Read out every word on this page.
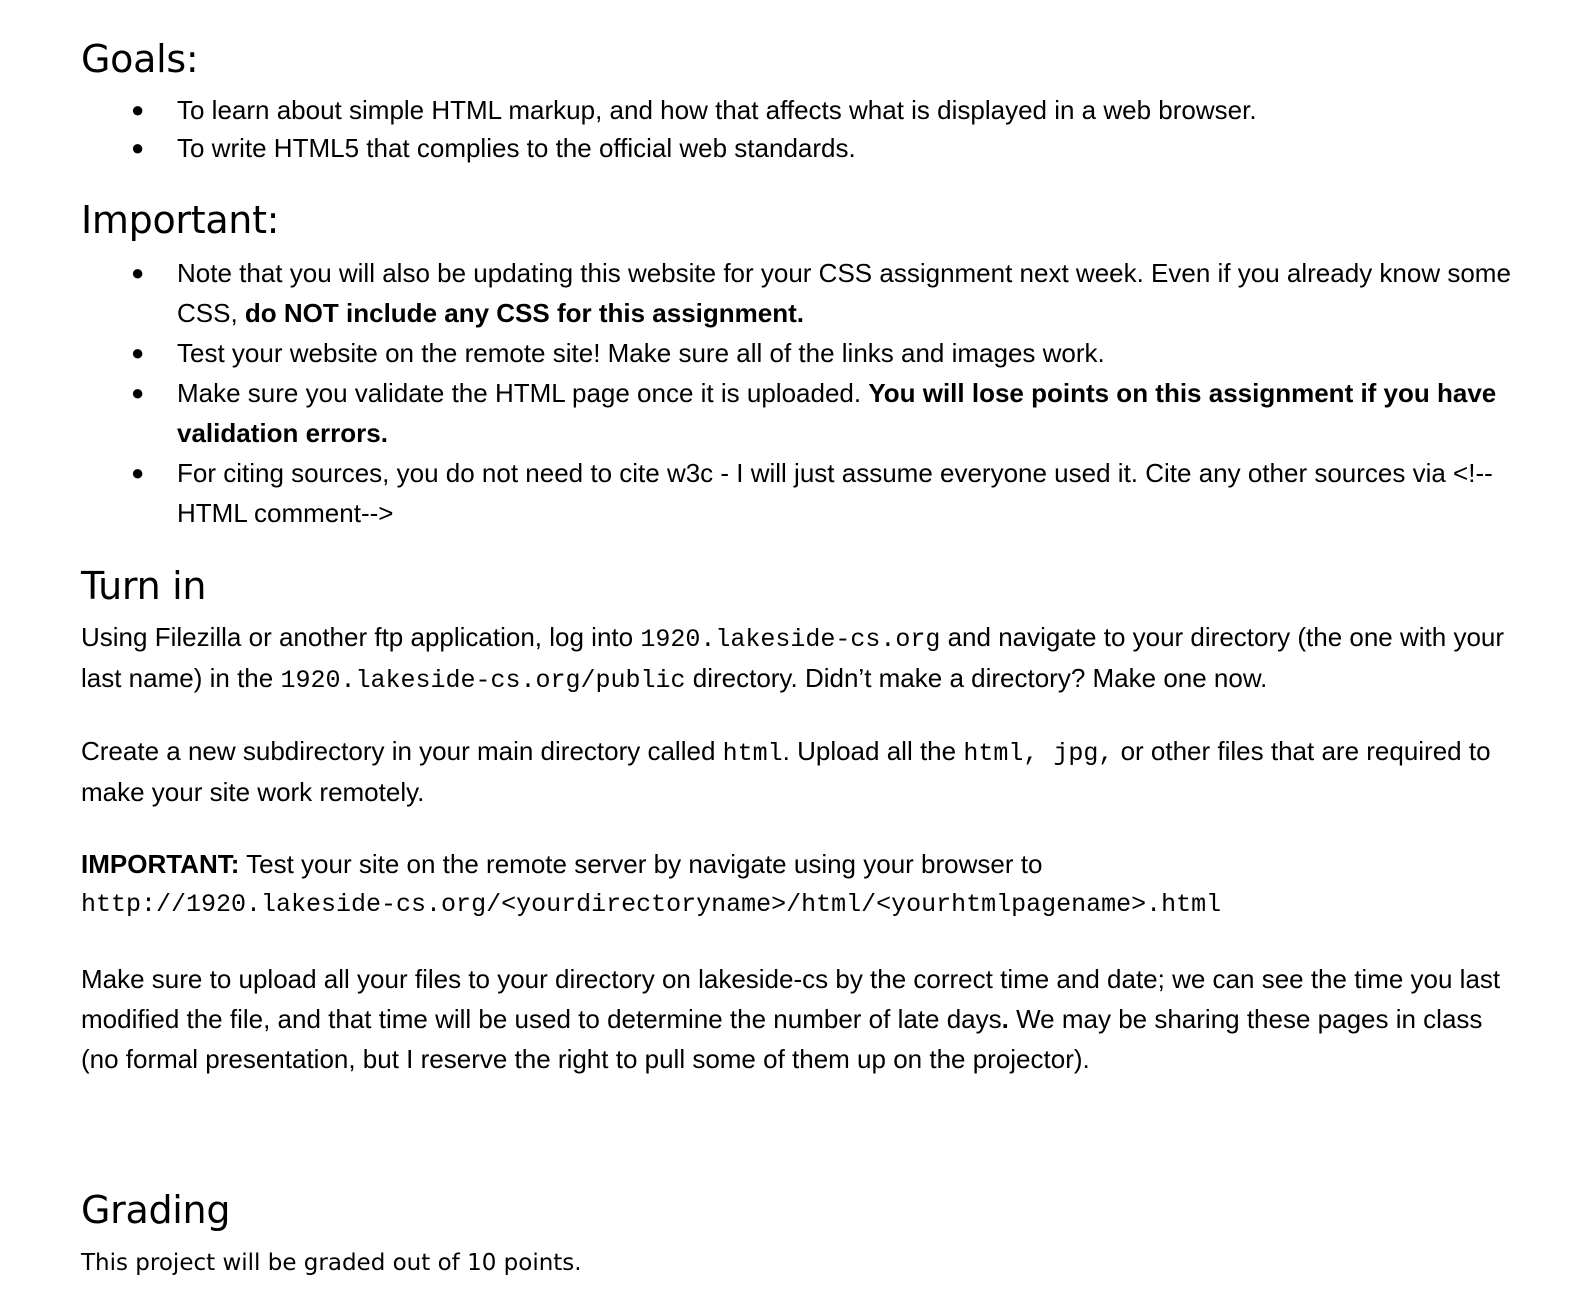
Goals:
● To learn about simple HTML markup, and how that affects what is displayed in a web browser.
● To write HTML5 that complies to the official web standards.
Important:
● Note that you will also be updating this website for your CSS assignment next week. Even if you already know some CSS, do NOT include any CSS for this assignment.
● Test your website on the remote site! Make sure all of the links and images work.
● Make sure you validate the HTML page once it is uploaded. You will lose points on this assignment if you have validation errors.
● For citing sources, you do not need to cite w3c - I will just assume everyone used it. Cite any other sources via <!--HTML comment-->
Turn in

Using Filezilla or another ftp application, log into 1920.lakeside-cs.org and navigate to your directory (the one with your last name) in the 1920.lakeside-cs.org/public directory. Didn’t make a directory? Make one now.

Create a new subdirectory in your main directory called html. Upload all the html, jpg, or other files that are required to make your site work remotely.

IMPORTANT: Test your site on the remote server by navigate using your browser to
http://1920.lakeside-cs.org/<yourdirectoryname>/html/<yourhtmlpagename>.html

Make sure to upload all your files to your directory on lakeside-cs by the correct time and date; we can see the time you last modified the file, and that time will be used to determine the number of late days. We may be sharing these pages in class (no formal presentation, but I reserve the right to pull some of them up on the projector).

Grading

This project will be graded out of 10 points.
